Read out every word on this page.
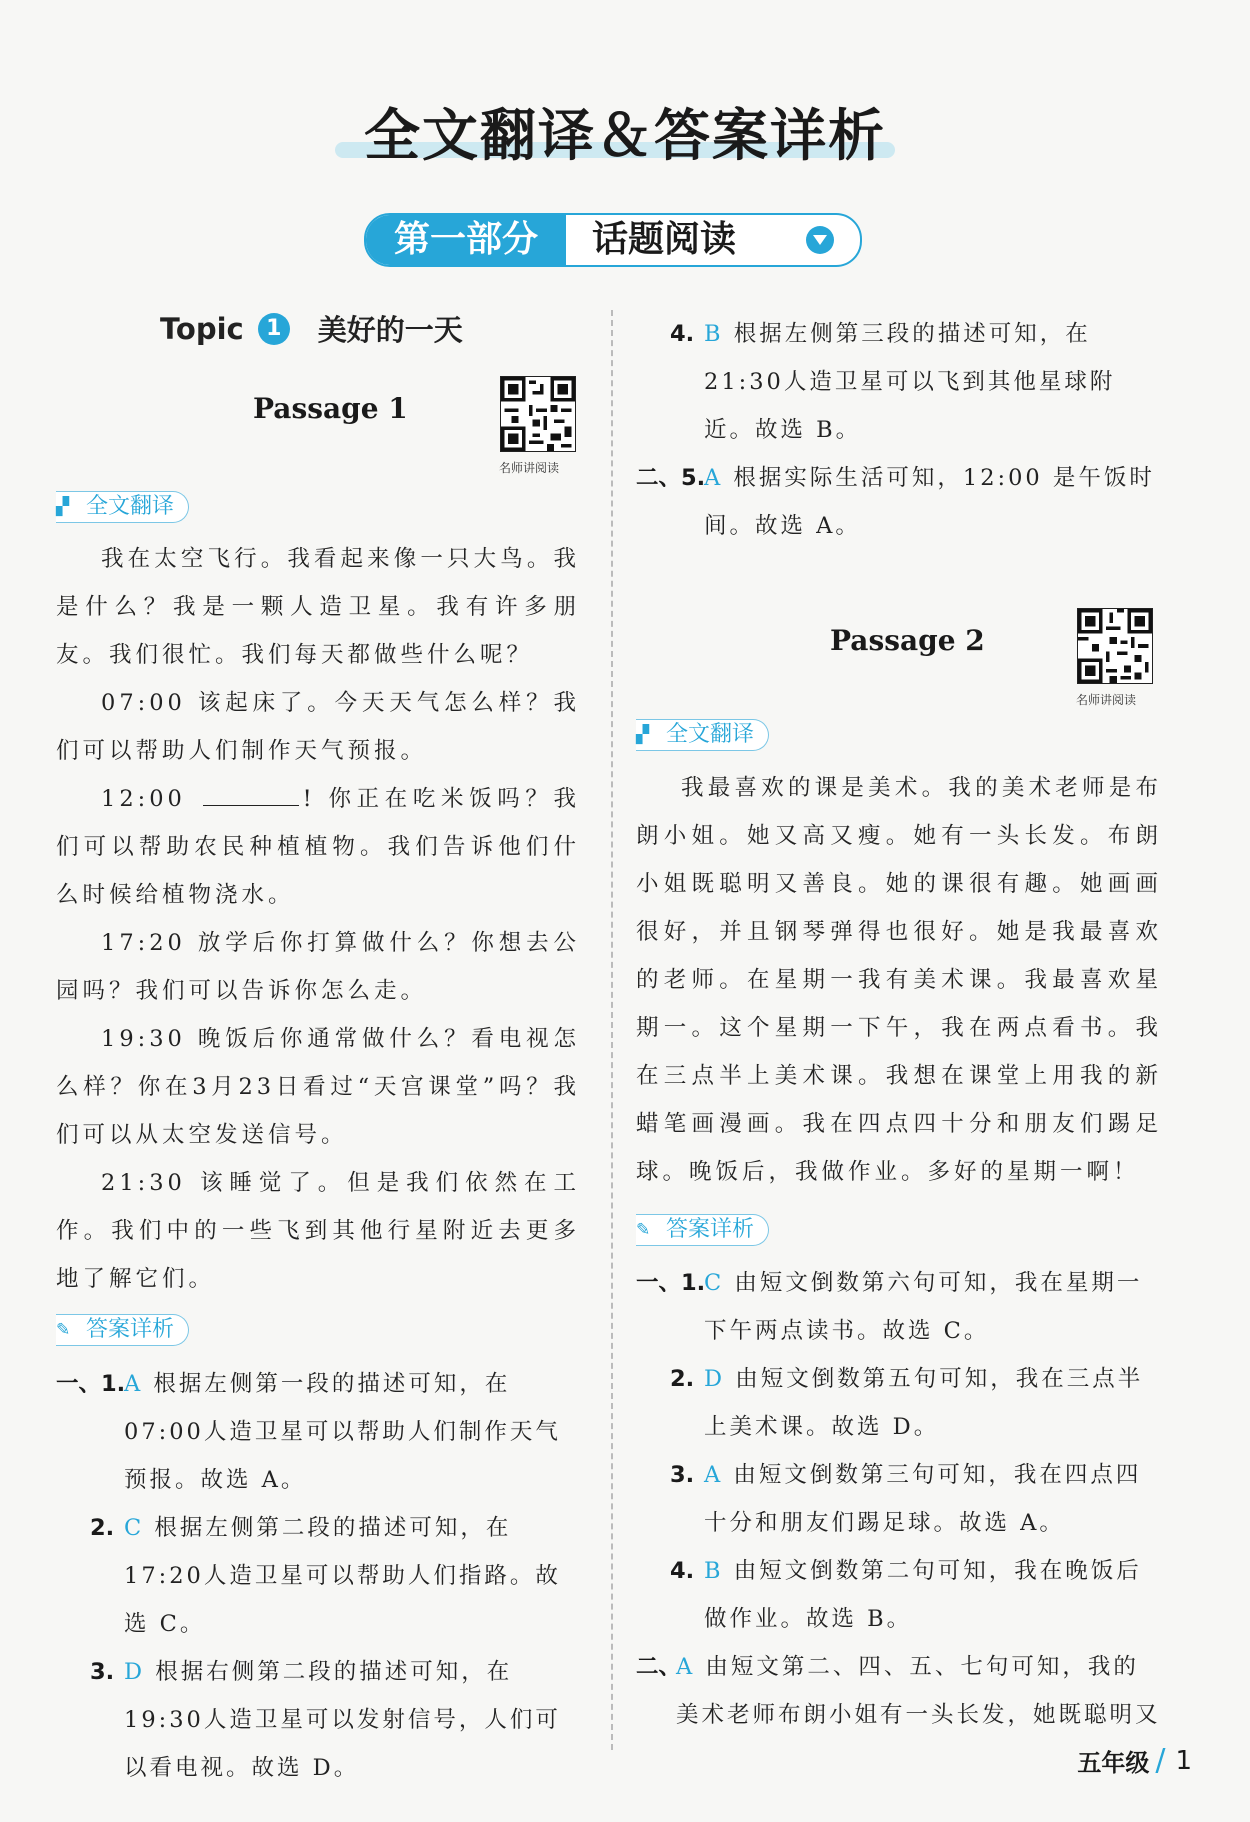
全文翻译＆答案详析
第一部分	话题阅读
Topic	1 美好的一天
Passage 1
名师讲阅读
▞ 全文翻译

我在太空飞行。我看起来像一只大鸟。我是什么？我是一颗人造卫星。我有许多朋友。我们很忙。我们每天都做些什么呢？

07:00 该起床了。今天天气怎么样？我们可以帮助人们制作天气预报。

12:00	! 你正在吃米饭吗？我们可以帮助农民种植植物。我们告诉他们什么时候给植物浇水。

17:20 放学后你打算做什么？你想去公园吗？我们可以告诉你怎么走。

19:30 晚饭后你通常做什么？看电视怎么样？你在3月23日看过“天宫课堂”吗？我们可以从太空发送信号。

21:30 该睡觉了。但是我们依然在工作。我们中的一些飞到其他行星附近去更多地了解它们。

✎ 答案详析
一、1.
A 根据左侧第一段的描述可知，在07:00人造卫星可以帮助人们制作天气预报。故选 A。
2. C 根据左侧第二段的描述可知，在17:20人造卫星可以帮助人们指路。故选 C。
3. D 根据右侧第二段的描述可知，在19:30人造卫星可以发射信号，人们可以看电视。故选 D。
4. B 根据左侧第三段的描述可知，在21:30人造卫星可以飞到其他星球附近。故选 B。
二、5.
A 根据实际生活可知，12:00 是午饭时间。故选 A。
Passage 2
名师讲阅读
▞ 全文翻译

我最喜欢的课是美术。我的美术老师是布朗小姐。她又高又瘦。她有一头长发。布朗小姐既聪明又善良。她的课很有趣。她画画很好，并且钢琴弹得也很好。她是我最喜欢的老师。在星期一我有美术课。我最喜欢星期一。这个星期一下午，我在两点看书。我在三点半上美术课。我想在课堂上用我的新蜡笔画漫画。我在四点四十分和朋友们踢足球。晚饭后，我做作业。多好的星期一啊！

✎ 答案详析
一、1.
C 由短文倒数第六句可知，我在星期一下午两点读书。故选 C。
2. D 由短文倒数第五句可知，我在三点半上美术课。故选 D。
3. A 由短文倒数第三句可知，我在四点四十分和朋友们踢足球。故选 A。
4. B 由短文倒数第二句可知，我在晚饭后做作业。故选 B。
二、
A 由短文第二、四、五、七句可知，我的美术老师布朗小姐有一头长发，她既聪明又
五年级 / 1
